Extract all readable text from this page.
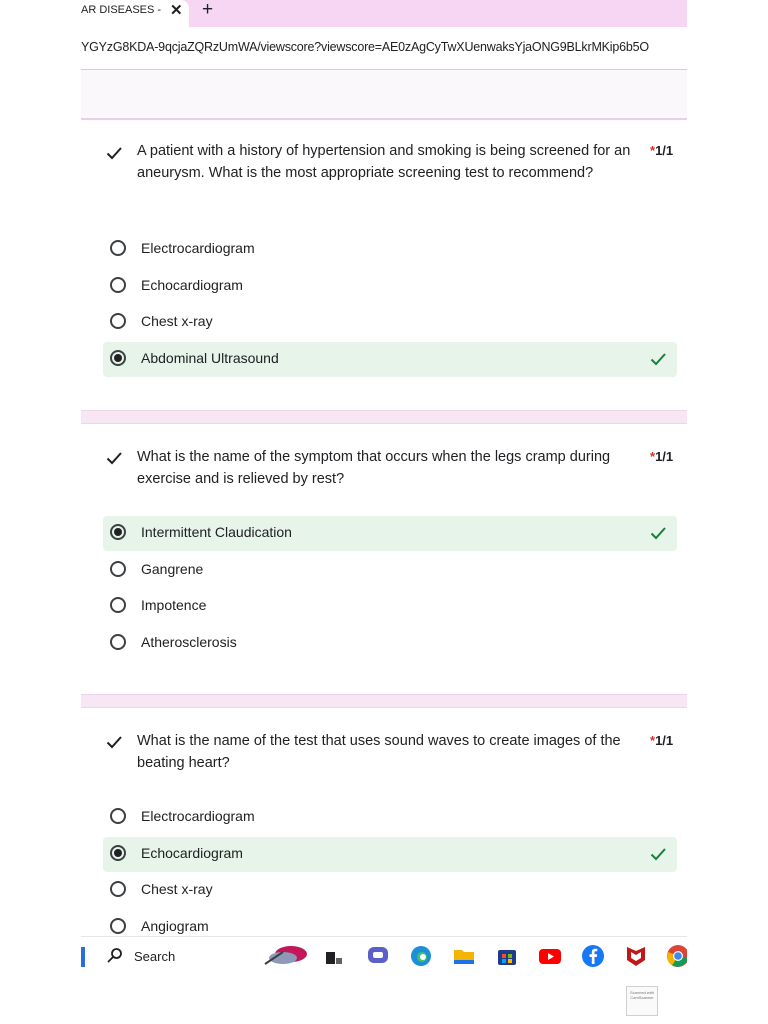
AR DISEASES - ✕ +
YGYzG8KDA-9qcjaZQRzUmWA/viewscore?viewscore=AE0zAgCyTwXUenwaksYjaONG9BLkrMKip6b5O
A patient with a history of hypertension and smoking is being screened for an aneurysm. What is the most appropriate screening test to recommend?
*1/1
Electrocardiogram
Echocardiogram
Chest x-ray
Abdominal Ultrasound
What is the name of the symptom that occurs when the legs cramp during exercise and is relieved by rest?
*1/1
Intermittent Claudication
Gangrene
Impotence
Atherosclerosis
What is the name of the test that uses sound waves to create images of the beating heart?
*1/1
Electrocardiogram
Echocardiogram
Chest x-ray
Angiogram
Search
Scanned with CamScanner
